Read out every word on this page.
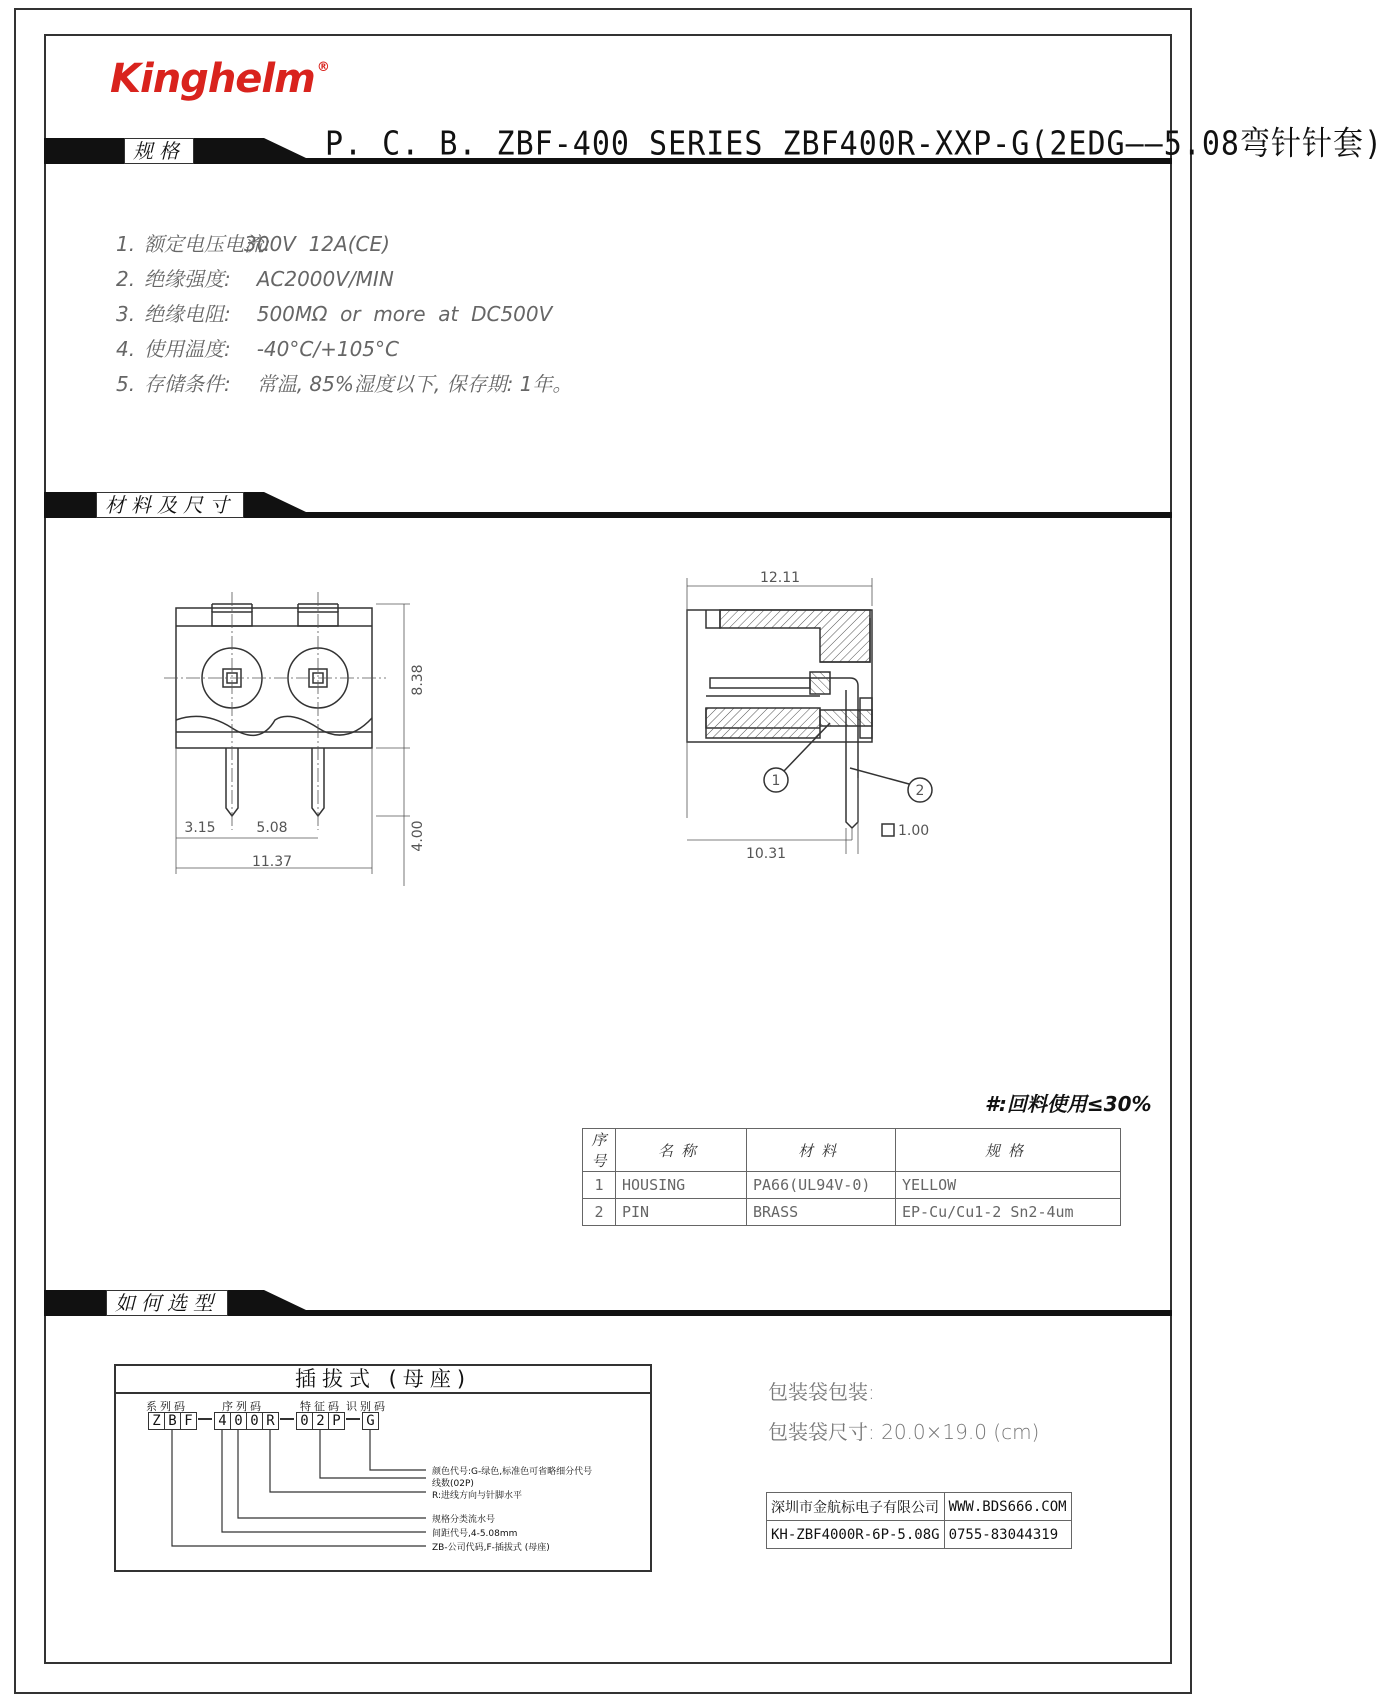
Kinghelm ®
P. C. B. ZBF-400 SERIES ZBF400R-XXP-G(2EDG——5.08弯针针套)
规格
材料及尺寸
如何选型
1. 额定电压电流:300V  12A(CE)
2. 绝缘强度:  AC2000V/MIN
3. 绝缘电阻:  500MΩ  or  more  at  DC500V
4. 使用温度:  -40°C/+105°C
5. 存储条件:  常温, 85%湿度以下, 保存期: 1年。
8.38
4.00
3.15	5.08
11.37
12.11
10.31
1.00
1
2
#:回料使用≤30%
序号	名称	材料	规格
1	HOUSING	PA66(UL94V-0)	YELLOW
2	PIN	BRASS	EP-Cu/Cu1-2 Sn2-4um
插拔式 (母座)
系列码	序列码	特征码 识别码
Z B F	4 0 0 R	0 2 P	G
颜色代号:G-绿色,标准色可省略细分代号
线数(02P)
R:进线方向与针脚水平
规格分类流水号
间距代号,4-5.08mm
ZB-公司代码,F-插拔式 (母座)
包装袋包装:
包装袋尺寸: 20.0×19.0 (cm)
深圳市金航标电子有限公司	WWW.BDS666.COM
KH-ZBF4000R-6P-5.08G	0755-83044319
